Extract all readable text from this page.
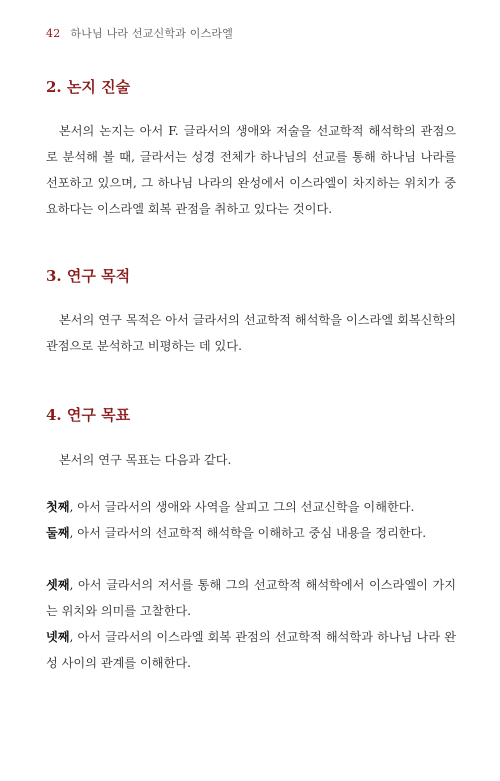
42 하나님 나라 선교신학과 이스라엘
2. 논지 진술

본서의 논지는 아서 F. 글라서의 생애와 저술을 선교학적 해석학의 관점으로 분석해 볼 때, 글라서는 성경 전체가 하나님의 선교를 통해 하나님 나라를 선포하고 있으며, 그 하나님 나라의 완성에서 이스라엘이 차지하는 위치가 중요하다는 이스라엘 회복 관점을 취하고 있다는 것이다.

3. 연구 목적

본서의 연구 목적은 아서 글라서의 선교학적 해석학을 이스라엘 회복신학의 관점으로 분석하고 비평하는 데 있다.

4. 연구 목표

본서의 연구 목표는 다음과 같다.

첫째, 아서 글라서의 생애와 사역을 살피고 그의 선교신학을 이해한다.

둘째, 아서 글라서의 선교학적 해석학을 이해하고 중심 내용을 정리한다.

셋째, 아서 글라서의 저서를 통해 그의 선교학적 해석학에서 이스라엘이 가지는 위치와 의미를 고찰한다.

넷째, 아서 글라서의 이스라엘 회복 관점의 선교학적 해석학과 하나님 나라 완성 사이의 관계를 이해한다.
